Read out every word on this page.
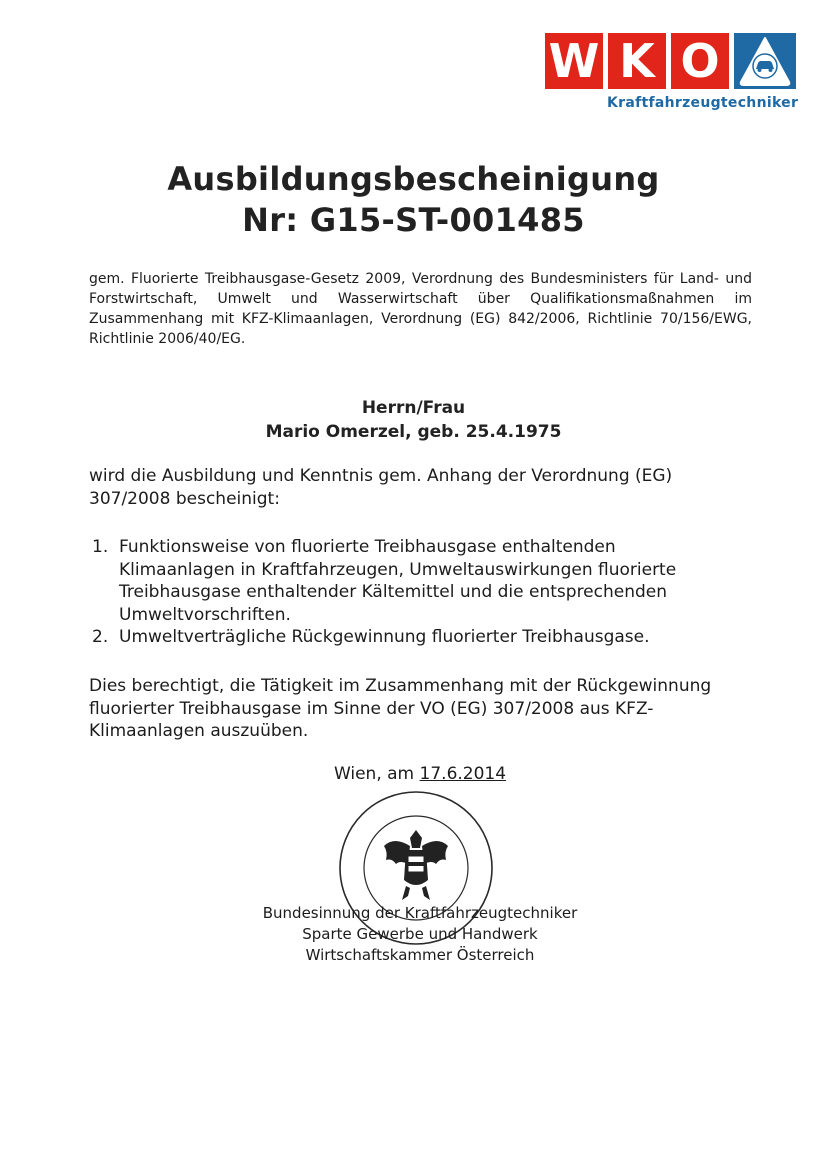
W K O
Kraftfahrzeugtechniker
Ausbildungsbescheinigung
Nr: G15-ST-001485
gem. Fluorierte Treibhausgase-Gesetz 2009, Verordnung des Bundesministers für Land- und Forstwirtschaft, Umwelt und Wasserwirtschaft über Qualifikationsmaßnahmen im Zusammenhang mit KFZ-Klimaanlagen, Verordnung (EG) 842/2006, Richtlinie 70/156/EWG, Richtlinie 2006/40/EG.
Herrn/Frau
Mario Omerzel, geb. 25.4.1975
wird die Ausbildung und Kenntnis gem. Anhang der Verordnung (EG) 307/2008 bescheinigt:
1. Funktionsweise von fluorierte Treibhausgase enthaltenden Klimaanlagen in Kraftfahrzeugen, Umweltauswirkungen fluorierte Treibhausgase enthaltender Kältemittel und die entsprechenden Umweltvorschriften.
2. Umweltverträgliche Rückgewinnung fluorierter Treibhausgase.
Dies berechtigt, die Tätigkeit im Zusammenhang mit der Rückgewinnung fluorierter Treibhausgase im Sinne der VO (EG) 307/2008 aus KFZ-Klimaanlagen auszuüben.
Wien, am 17.6.2014
Bundesinnung der Kraftfahrzeugtechniker
Sparte Gewerbe und Handwerk
Wirtschaftskammer Österreich
